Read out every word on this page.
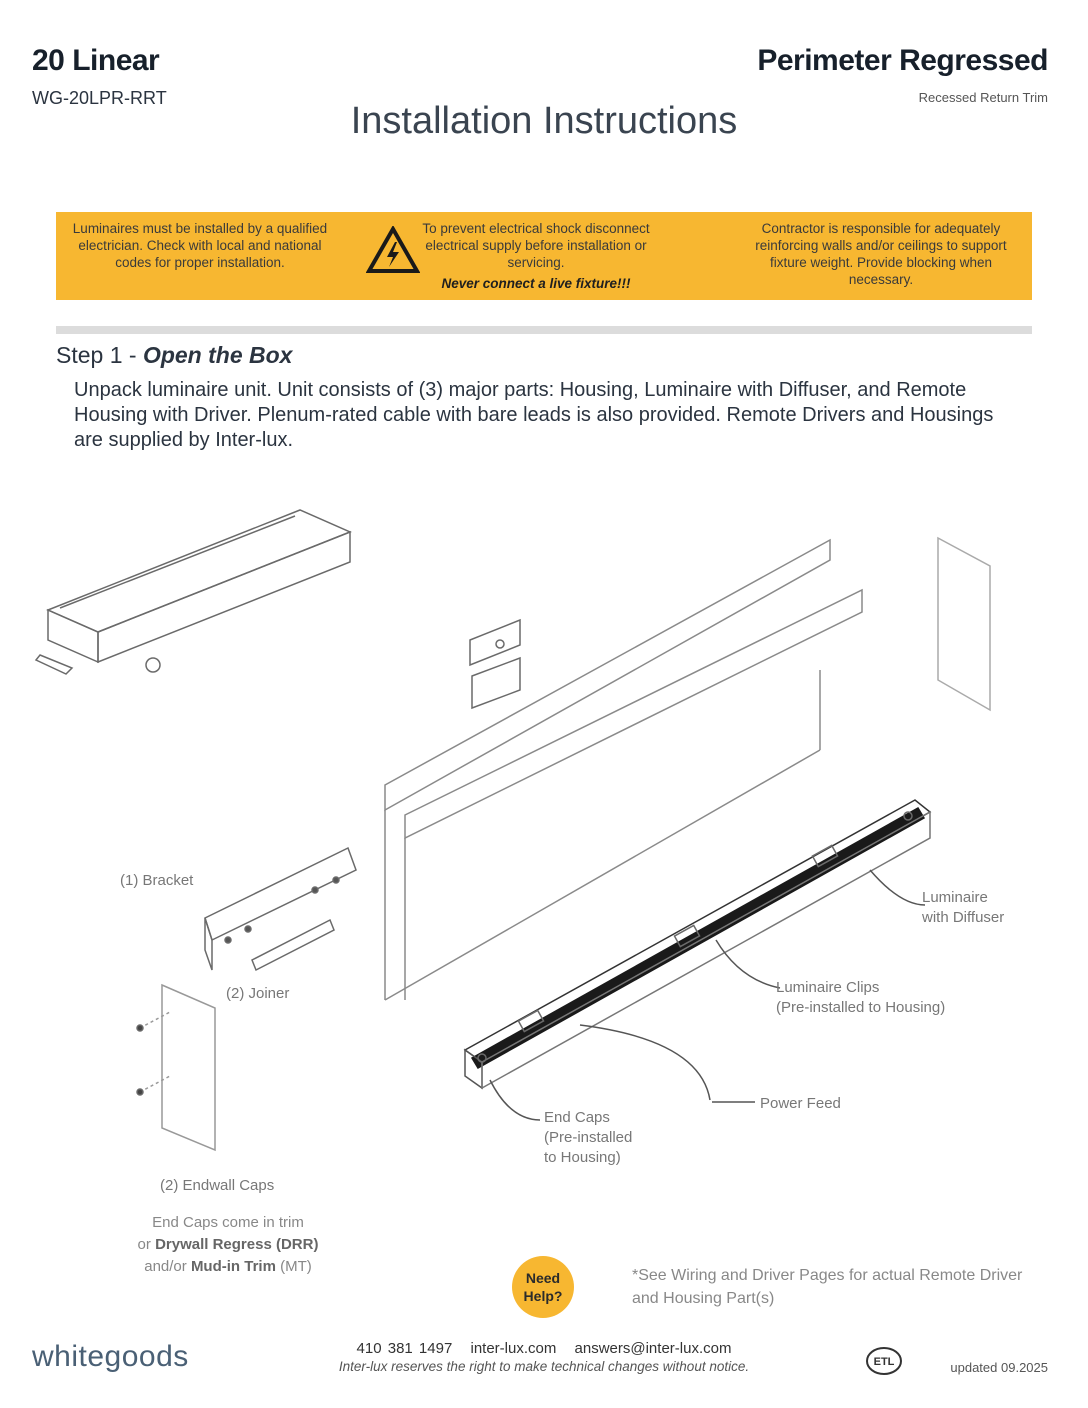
20 Linear
WG-20LPR-RRT
Perimeter Regressed
Recessed Return Trim
Installation Instructions
Luminaires must be installed by a qualified electrician. Check with local and national codes for proper installation.
To prevent electrical shock disconnect electrical supply before installation or servicing.
Never connect a live fixture!!!
Contractor is responsible for adequately reinforcing walls and/or ceilings to support fixture weight. Provide blocking when necessary.
Step 1 - Open the Box
Unpack luminaire unit. Unit consists of (3) major parts: Housing, Luminaire with Diffuser, and Remote Housing with Driver. Plenum-rated cable with bare leads is also provided. Remote Drivers and Housings are supplied by Inter-lux.
(1) Bracket
(2) Joiner
Luminaire
with Diffuser
Luminaire Clips
(Pre-installed to Housing)
Power Feed
End Caps
(Pre-installed
to Housing)
(2) Endwall Caps
End Caps come in trim
or Drywall Regress (DRR)
and/or Mud-in Trim (MT)
Need
Help?
*See Wiring and Driver Pages for actual Remote Driver and Housing Part(s)
whitegoods	410 381 1497 inter-lux.com answers@inter-lux.com
Inter-lux reserves the right to make technical changes without notice.	ETL	updated 09.2025
